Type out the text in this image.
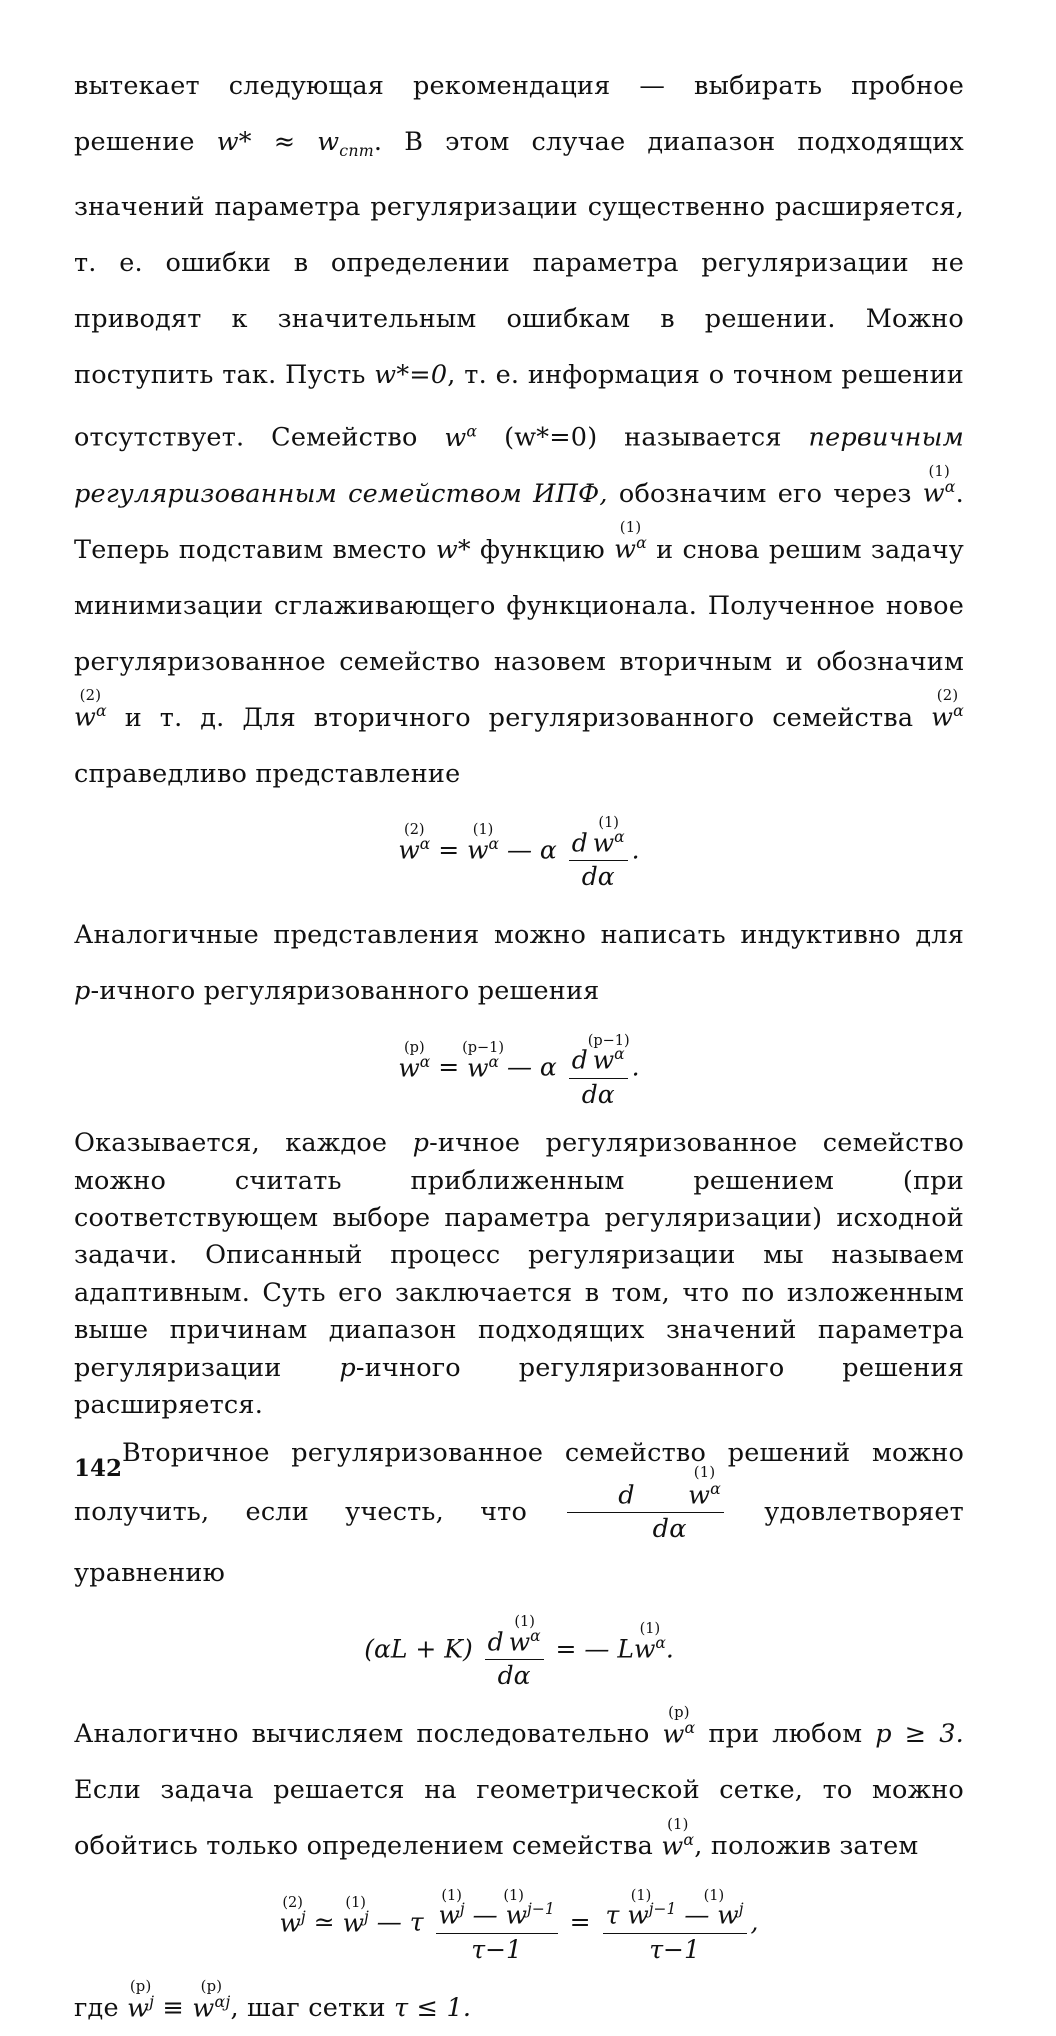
вытекает следующая рекомендация — выбирать пробное решение $w* \approx w_{спт}$. В этом случае диапазон подходящих значений параметра регуляризации существенно расширяется, т. е. ошибки в определении параметра регуляризации не приводят к значительным ошибкам в решении. Можно поступить так. Пусть w*=0, т. е. информация о точном решении отсутствует. Семейство $w^\alpha$ (w*=0) называется первичным регуляризованным семейством ИПФ, обозначим его через
(1)
$w^\alpha$. Теперь подставим вместо w* функцию
(1)
$w^\alpha$ и снова решим задачу минимизации сглаживающего функционала. Полученное новое регуляризованное семейство назовем вторичным и обозначим
(2)
$w^\alpha$ и т. д. Для вторичного регуляризованного семейства
(2)
$w^\alpha$ справедливо представление

(2)
$w^\alpha$ =
(1)
$w^\alpha$ — α d 
(1)
$w^\alpha$
dα .

Аналогичные представления можно написать индуктивно для p-ичного регуляризованного решения

(p)
$w^\alpha$ =
(p−1)
$w^\alpha$ — α d 
(p−1)
$w^\alpha$
dα .

Оказывается, каждое p-ичное регуляризованное семейство можно считать приближенным решением (при соответствующем выборе параметра регуляризации) исходной задачи. Описанный процесс регуляризации мы называем адаптивным. Суть его заключается в том, что по изложенным выше причинам диапазон подходящих значений параметра регуляризации p-ичного регуляризованного решения расширяется.

Вторичное регуляризованное семейство решений можно получить, если учесть, что d 
(1)
$w^\alpha$
dα удовлетворяет уравнению

(αL + K) d 
(1)
$w^\alpha$
dα = — L
(1)
$w^\alpha$.

Аналогично вычисляем последовательно
(p)
$w^\alpha$ при любом p ≥ 3. Если задача решается на геометрической сетке, то можно обойтись только определением семейства
(1)
$w^\alpha$, положив затем

(2)
$w^j$ ≃
(1)
$w^j$ — τ (1)
$w^j$
(1)
— $w^{j-1}$
τ−1 = (1)
τ $w^{j-1}$
(1)
— $w^j$
τ−1 ,

где
(p)
$w^j$ ≡
(p)
$w^{\alpha j}$, шаг сетки τ ≤ 1.

142
